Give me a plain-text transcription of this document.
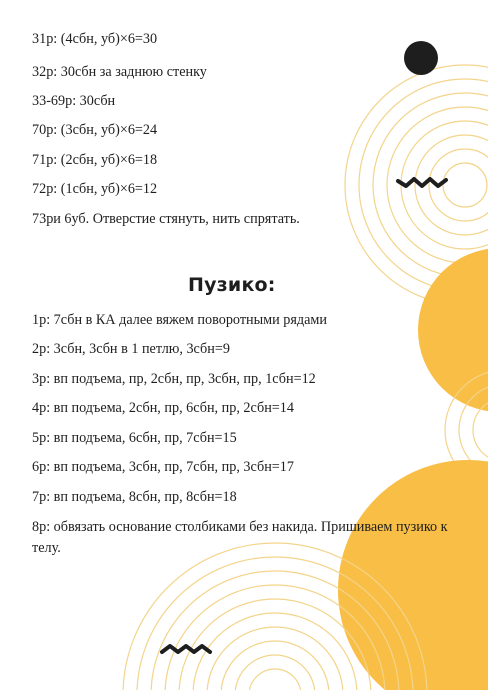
31р: (4сбн, уб)×6=30

32р: 30сбн за заднюю стенку

33-69р: 30сбн

70р: (3сбн, уб)×6=24

71р: (2сбн, уб)×6=18

72р: (1сбн, уб)×6=12

73ри 6уб. Отверстие стянуть, нить спрятать.

Пузико:

1р: 7сбн в КА далее вяжем поворотными рядами

2р: 3сбн, 3сбн в 1 петлю, 3сбн=9

3р: вп подъема, пр, 2сбн, пр, 3сбн, пр, 1сбн=12

4р: вп подъема, 2сбн, пр, 6сбн, пр, 2сбн=14

5р: вп подъема, 6сбн, пр, 7сбн=15

6р: вп подъема, 3сбн, пр, 7сбн, пр, 3сбн=17

7р: вп подъема, 8сбн, пр, 8сбн=18

8р: обвязать основание столбиками без накида. Пришиваем пузико к телу.
